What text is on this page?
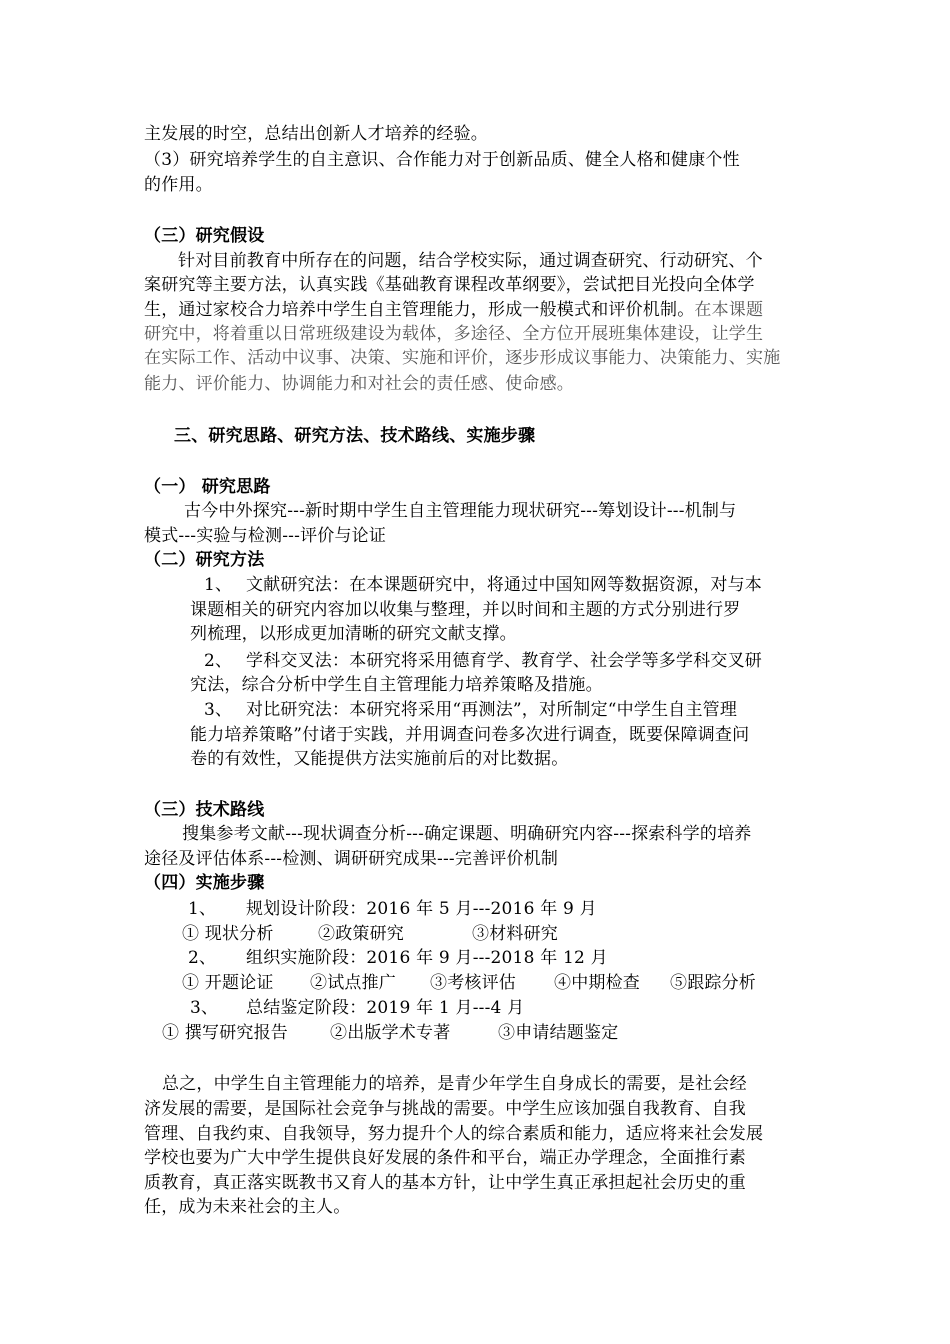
主发展的时空，总结出创新人才培养的经验。
（3）研究培养学生的自主意识、合作能力对于创新品质、健全人格和健康个性
的作用。
（三）研究假设
针对目前教育中所存在的问题，结合学校实际，通过调查研究、行动研究、个
案研究等主要方法，认真实践《基础教育课程改革纲要》，尝试把目光投向全体学
生，通过家校合力培养中学生自主管理能力，形成一般模式和评价机制。在本课题
研究中，将着重以日常班级建设为载体，多途径、全方位开展班集体建设，让学生
在实际工作、活动中议事、决策、实施和评价，逐步形成议事能力、决策能力、实施
能力、评价能力、协调能力和对社会的责任感、使命感。
三、研究思路、研究方法、技术路线、实施步骤
（一） 研究思路
古今中外探究---新时期中学生自主管理能力现状研究---筹划设计---机制与
模式---实验与检测---评价与论证
（二）研究方法
1、 文献研究法：在本课题研究中，将通过中国知网等数据资源，对与本
课题相关的研究内容加以收集与整理，并以时间和主题的方式分别进行罗
列梳理，以形成更加清晰的研究文献支撑。
2、 学科交叉法：本研究将采用德育学、教育学、社会学等多学科交叉研
究法，综合分析中学生自主管理能力培养策略及措施。
3、 对比研究法：本研究将采用“再测法”，对所制定“中学生自主管理
能力培养策略”付诸于实践，并用调查问卷多次进行调查，既要保障调查问
卷的有效性，又能提供方法实施前后的对比数据。
（三）技术路线
搜集参考文献---现状调查分析---确定课题、明确研究内容---探索科学的培养
途径及评估体系---检测、调研研究成果---完善评价机制
（四）实施步骤
1、 规划设计阶段：2016 年 5 月---2016 年 9 月
① 现状分析	②政策研究	③材料研究
2、 组织实施阶段：2016 年 9 月---2018 年 12 月
① 开题论证 ②试点推广 ③考核评估 ④中期检查 ⑤跟踪分析
3、 总结鉴定阶段：2019 年 1 月---4 月
① 撰写研究报告 ②出版学术专著	③申请结题鉴定
总之，中学生自主管理能力的培养，是青少年学生自身成长的需要，是社会经
济发展的需要，是国际社会竞争与挑战的需要。中学生应该加强自我教育、自我
管理、自我约束、自我领导，努力提升个人的综合素质和能力，适应将来社会发展
学校也要为广大中学生提供良好发展的条件和平台，端正办学理念，全面推行素
质教育，真正落实既教书又育人的基本方针，让中学生真正承担起社会历史的重
任，成为未来社会的主人。
